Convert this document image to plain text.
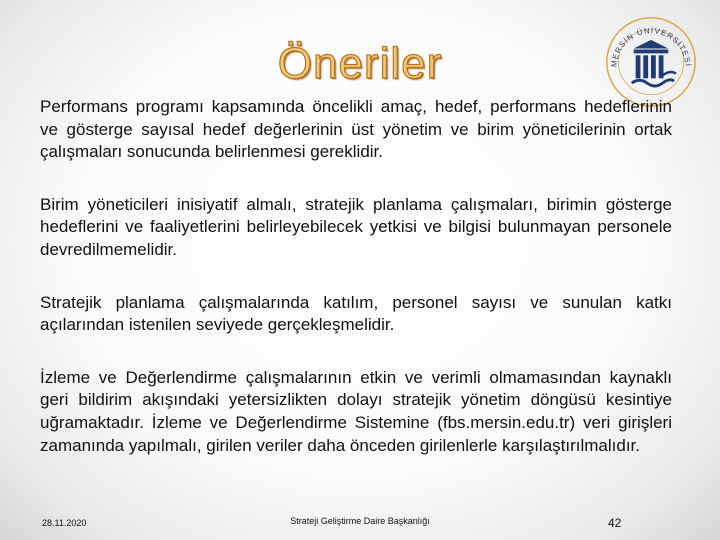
Öneriler	MERSİN ÜNİVERSİTESİ

Performans programı kapsamında öncelikli amaç, hedef, performans hedeflerinin ve gösterge sayısal hedef değerlerinin üst yönetim ve birim yöneticilerinin ortak çalışmaları sonucunda belirlenmesi gereklidir.

Birim yöneticileri inisiyatif almalı, stratejik planlama çalışmaları, birimin gösterge hedeflerini ve faaliyetlerini belirleyebilecek yetkisi ve bilgisi bulunmayan personele devredilmemelidir.

Stratejik planlama çalışmalarında katılım, personel sayısı ve sunulan katkı açılarından istenilen seviyede gerçekleşmelidir.

İzleme ve Değerlendirme çalışmalarının etkin ve verimli olmamasından kaynaklı geri bildirim akışındaki yetersizlikten dolayı stratejik yönetim döngüsü kesintiye uğramaktadır. İzleme ve Değerlendirme Sistemine (fbs.mersin.edu.tr) veri girişleri zamanında yapılmalı, girilen veriler daha önceden girilenlerle karşılaştırılmalıdır.

28.11.2020	Strateji Geliştirme Daire Başkanlığı	42
